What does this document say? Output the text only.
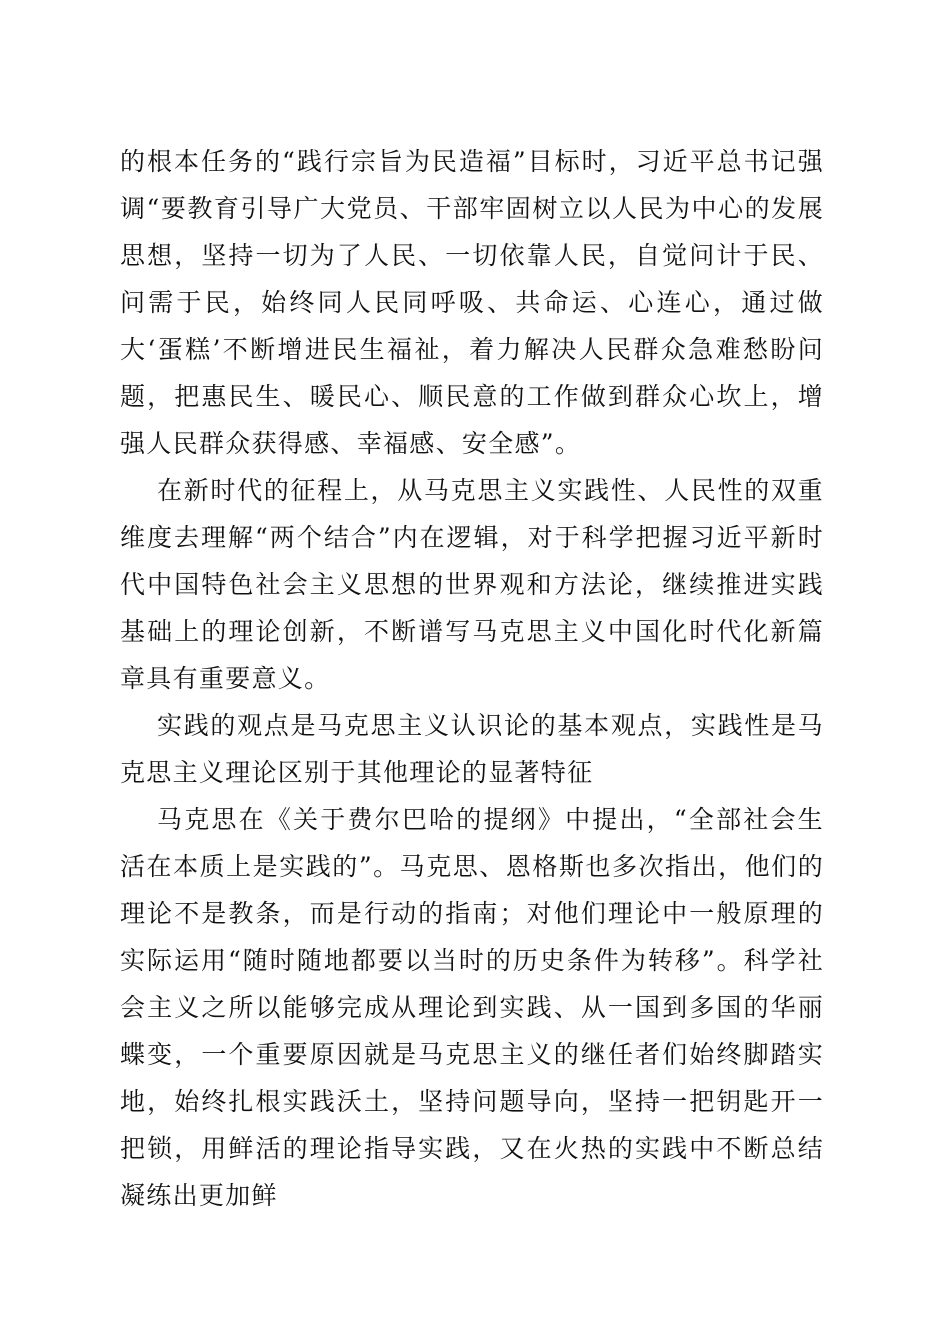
的根本任务的“践行宗旨为民造福”目标时，习近平总书记强调“要教育引导广大党员、干部牢固树立以人民为中心的发展思想，坚持一切为了人民、一切依靠人民，自觉问计于民、问需于民，始终同人民同呼吸、共命运、心连心，通过做大‘蛋糕’不断增进民生福祉，着力解决人民群众急难愁盼问题，把惠民生、暖民心、顺民意的工作做到群众心坎上，增强人民群众获得感、幸福感、安全感”。

在新时代的征程上，从马克思主义实践性、人民性的双重维度去理解“两个结合”内在逻辑，对于科学把握习近平新时代中国特色社会主义思想的世界观和方法论，继续推进实践基础上的理论创新，不断谱写马克思主义中国化时代化新篇章具有重要意义。

实践的观点是马克思主义认识论的基本观点，实践性是马克思主义理论区别于其他理论的显著特征

马克思在《关于费尔巴哈的提纲》中提出，“全部社会生活在本质上是实践的”。马克思、恩格斯也多次指出，他们的理论不是教条，而是行动的指南；对他们理论中一般原理的实际运用“随时随地都要以当时的历史条件为转移”。科学社会主义之所以能够完成从理论到实践、从一国到多国的华丽蝶变，一个重要原因就是马克思主义的继任者们始终脚踏实地，始终扎根实践沃土，坚持问题导向，坚持一把钥匙开一把锁，用鲜活的理论指导实践，又在火热的实践中不断总结凝练出更加鲜
